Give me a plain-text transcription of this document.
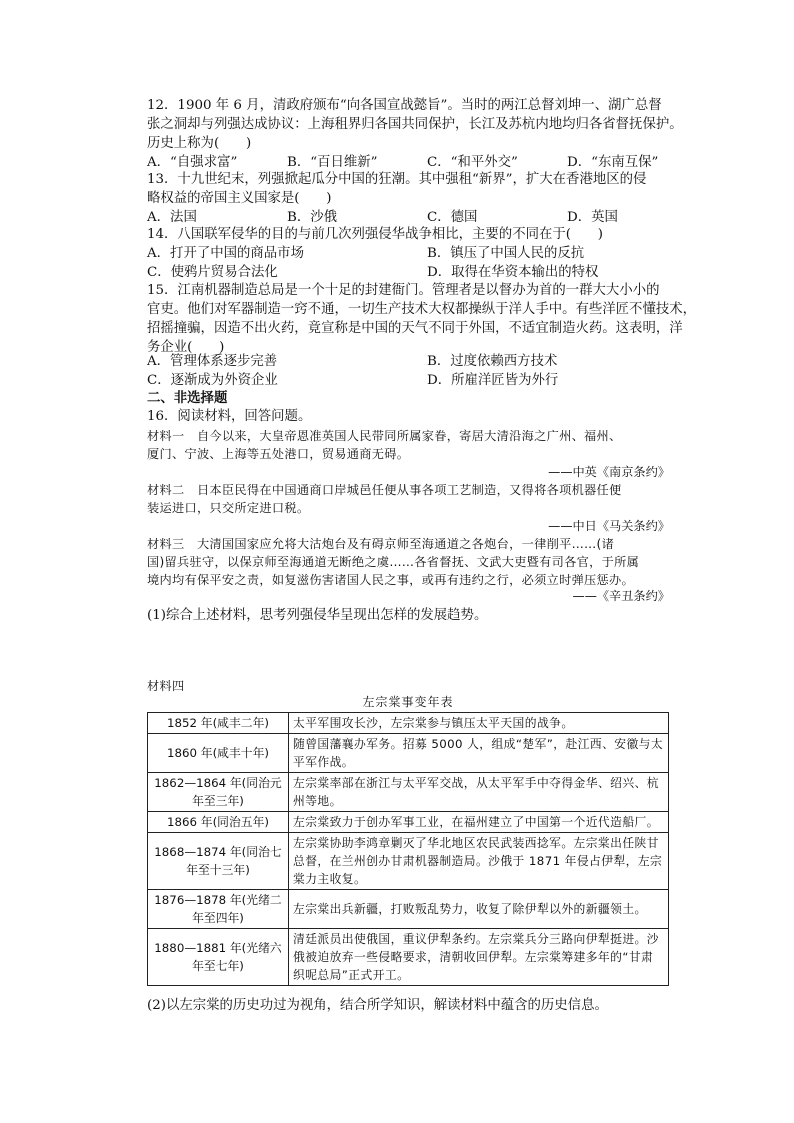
12．1900 年 6 月，清政府颁布“向各国宣战懿旨”。当时的两江总督刘坤一、湖广总督
张之洞却与列强达成协议：上海租界归各国共同保护，长江及苏杭内地均归各省督抚保护。
历史上称为(　　)
A．“自强求富”	B．“百日维新”	C．“和平外交”	D．“东南互保”
13．十九世纪末，列强掀起瓜分中国的狂潮。其中强租“新界”，扩大在香港地区的侵
略权益的帝国主义国家是(　　)
A．法国	B．沙俄	C．德国	D．英国
14．八国联军侵华的目的与前几次列强侵华战争相比，主要的不同在于(　　)
A．打开了中国的商品市场	B．镇压了中国人民的反抗
C．使鸦片贸易合法化	D．取得在华资本输出的特权
15．江南机器制造总局是一个十足的封建衙门。管理者是以督办为首的一群大大小小的
官吏。他们对军器制造一窍不通，一切生产技术大权都操纵于洋人手中。有些洋匠不懂技术，
招摇撞骗，因造不出火药，竟宣称是中国的天气不同于外国，不适宜制造火药。这表明，洋
务企业(　　)
A．管理体系逐步完善	B．过度依赖西方技术
C．逐渐成为外资企业	D．所雇洋匠皆为外行
二、非选择题
16．阅读材料，回答问题。
材料一　自今以来，大皇帝恩准英国人民带同所属家眷，寄居大清沿海之广州、福州、
厦门、宁波、上海等五处港口，贸易通商无碍。
——中英《南京条约》
材料二　日本臣民得在中国通商口岸城邑任便从事各项工艺制造，又得将各项机器任便
装运进口，只交所定进口税。
——中日《马关条约》
材料三　大清国国家应允将大沽炮台及有碍京师至海通道之各炮台，一律削平……(诸
国)留兵驻守，以保京师至海通道无断绝之虞……各省督抚、文武大吏暨有司各官，于所属
境内均有保平安之责，如复滋伤害诸国人民之事，或再有违约之行，必须立时弹压惩办。
——《辛丑条约》
(1)综合上述材料，思考列强侵华呈现出怎样的发展趋势。
材料四
左宗棠事变年表
1852 年(咸丰二年)	太平军围攻长沙，左宗棠参与镇压太平天国的战争。
1860 年(咸丰十年)	随曾国藩襄办军务。招募 5000 人，组成“楚军”，赴江西、安徽与太平军作战。
1862—1864 年(同治元年至三年)	左宗棠率部在浙江与太平军交战，从太平军手中夺得金华、绍兴、杭州等地。
1866 年(同治五年)	左宗棠致力于创办军事工业，在福州建立了中国第一个近代造船厂。
1868—1874 年(同治七年至十三年)	左宗棠协助李鸿章剿灭了华北地区农民武装西捻军。左宗棠出任陕甘总督，在兰州创办甘肃机器制造局。沙俄于 1871 年侵占伊犁，左宗棠力主收复。
1876—1878 年(光绪二年至四年)	左宗棠出兵新疆，打败叛乱势力，收复了除伊犁以外的新疆领土。
1880—1881 年(光绪六年至七年)	清廷派员出使俄国，重议伊犁条约。左宗棠兵分三路向伊犁挺进。沙俄被迫放弃一些侵略要求，清朝收回伊犁。左宗棠筹建多年的“甘肃织呢总局”正式开工。
(2)以左宗棠的历史功过为视角，结合所学知识，解读材料中蕴含的历史信息。
